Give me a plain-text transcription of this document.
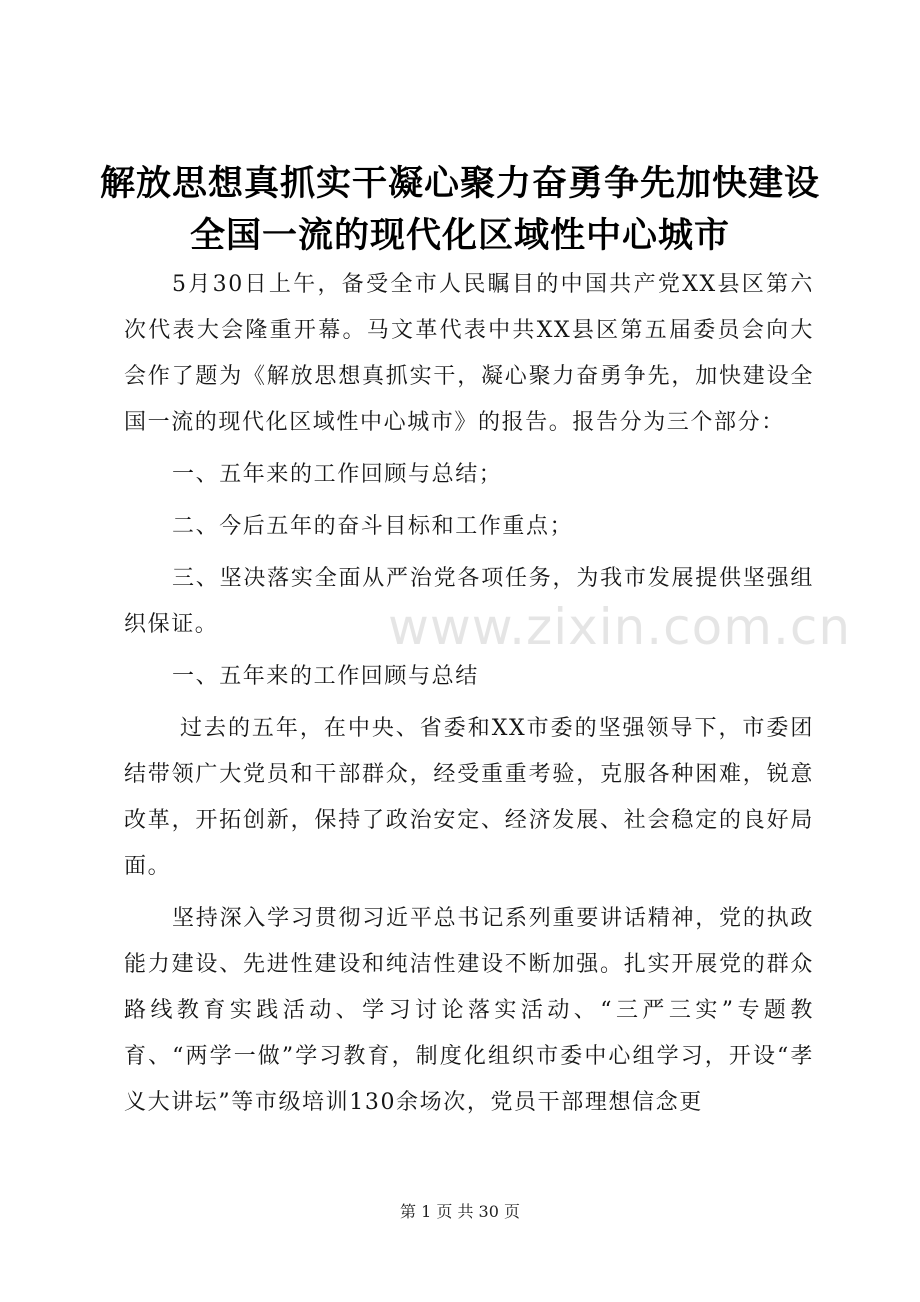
解放思想真抓实干凝心聚力奋勇争先加快建设
全国一流的现代化区域性中心城市

5月30日上午，备受全市人民瞩目的中国共产党XX县区第六次代表大会隆重开幕。马文革代表中共XX县区第五届委员会向大会作了题为《解放思想真抓实干，凝心聚力奋勇争先，加快建设全国一流的现代化区域性中心城市》的报告。报告分为三个部分：

一、五年来的工作回顾与总结；

二、今后五年的奋斗目标和工作重点；

三、坚决落实全面从严治党各项任务，为我市发展提供坚强组织保证。

一、五年来的工作回顾与总结

过去的五年，在中央、省委和XX市委的坚强领导下，市委团结带领广大党员和干部群众，经受重重考验，克服各种困难，锐意改革，开拓创新，保持了政治安定、经济发展、社会稳定的良好局面。

坚持深入学习贯彻习近平总书记系列重要讲话精神，党的执政能力建设、先进性建设和纯洁性建设不断加强。扎实开展党的群众路线教育实践活动、学习讨论落实活动、“三严三实”专题教育、“两学一做”学习教育，制度化组织市委中心组学习，开设“孝义大讲坛”等市级培训130余场次，党员干部理想信念更

www.zixin.com.cn
第 1 页 共 30 页
